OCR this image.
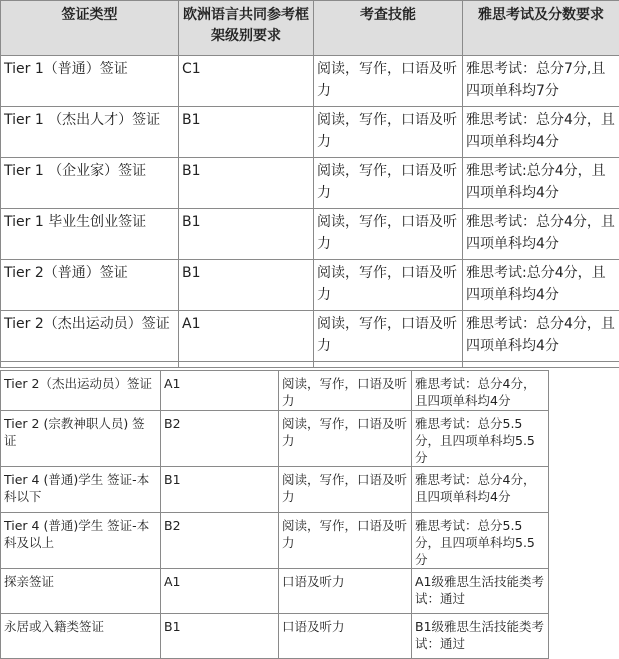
签证类型	欧洲语言共同参考框架级别要求	考查技能	雅思考试及分数要求
Tier 1（普通）签证	C1	阅读，写作，口语及听力	雅思考试：总分7分,且四项单科均7分
Tier 1 （杰出人才）签证	B1	阅读，写作，口语及听力	雅思考试：总分4分，且四项单科均4分
Tier 1 （企业家）签证	B1	阅读，写作，口语及听力	雅思考试:总分4分，且四项单科均4分
Tier 1 毕业生创业签证	B1	阅读，写作，口语及听力	雅思考试：总分4分，且四项单科均4分
Tier 2（普通）签证	B1	阅读，写作，口语及听力	雅思考试:总分4分，且四项单科均4分
Tier 2（杰出运动员）签证	A1	阅读，写作，口语及听力	雅思考试：总分4分，且四项单科均4分

Tier 2（杰出运动员）签证	A1	阅读，写作，口语及听力	雅思考试：总分4分，且四项单科均4分
Tier 2 (宗教神职人员) 签证	B2	阅读，写作，口语及听力	雅思考试：总分5.5分，且四项单科均5.5分
Tier 4 (普通)学生 签证-本科以下	B1	阅读，写作，口语及听力	雅思考试：总分4分，且四项单科均4分
Tier 4 (普通)学生 签证-本科及以上	B2	阅读，写作，口语及听力	雅思考试：总分5.5分，且四项单科均5.5分
探亲签证	A1	口语及听力	A1级雅思生活技能类考试：通过
永居或入籍类签证	B1	口语及听力	B1级雅思生活技能类考试：通过
